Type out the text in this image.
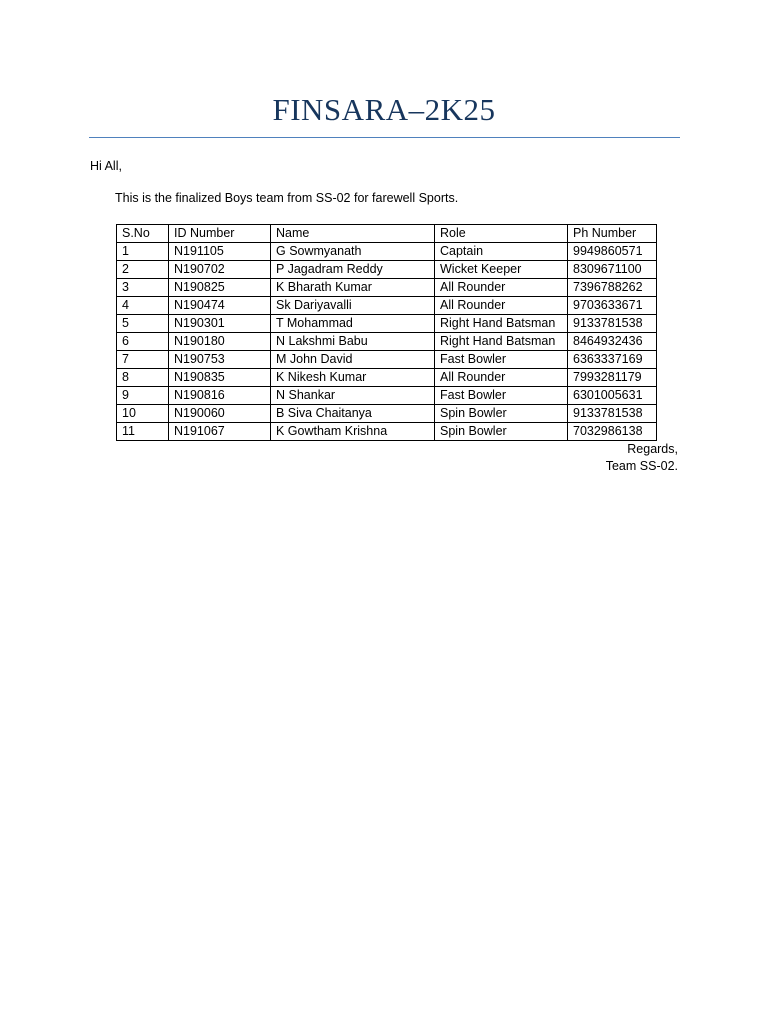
FINSARA–2K25
Hi All,
This is the finalized Boys team from SS-02 for farewell Sports.
S.No	ID Number	Name	Role	Ph Number
1	N191105	G Sowmyanath	Captain	9949860571
2	N190702	P Jagadram Reddy	Wicket Keeper	8309671100
3	N190825	K Bharath Kumar	All Rounder	7396788262
4	N190474	Sk Dariyavalli	All Rounder	9703633671
5	N190301	T Mohammad	Right Hand Batsman	9133781538
6	N190180	N Lakshmi Babu	Right Hand Batsman	8464932436
7	N190753	M John David	Fast Bowler	6363337169
8	N190835	K Nikesh Kumar	All Rounder	7993281179
9	N190816	N Shankar	Fast Bowler	6301005631
10	N190060	B Siva Chaitanya	Spin Bowler	9133781538
11	N191067	K Gowtham Krishna	Spin Bowler	7032986138
Regards,
Team SS-02.
